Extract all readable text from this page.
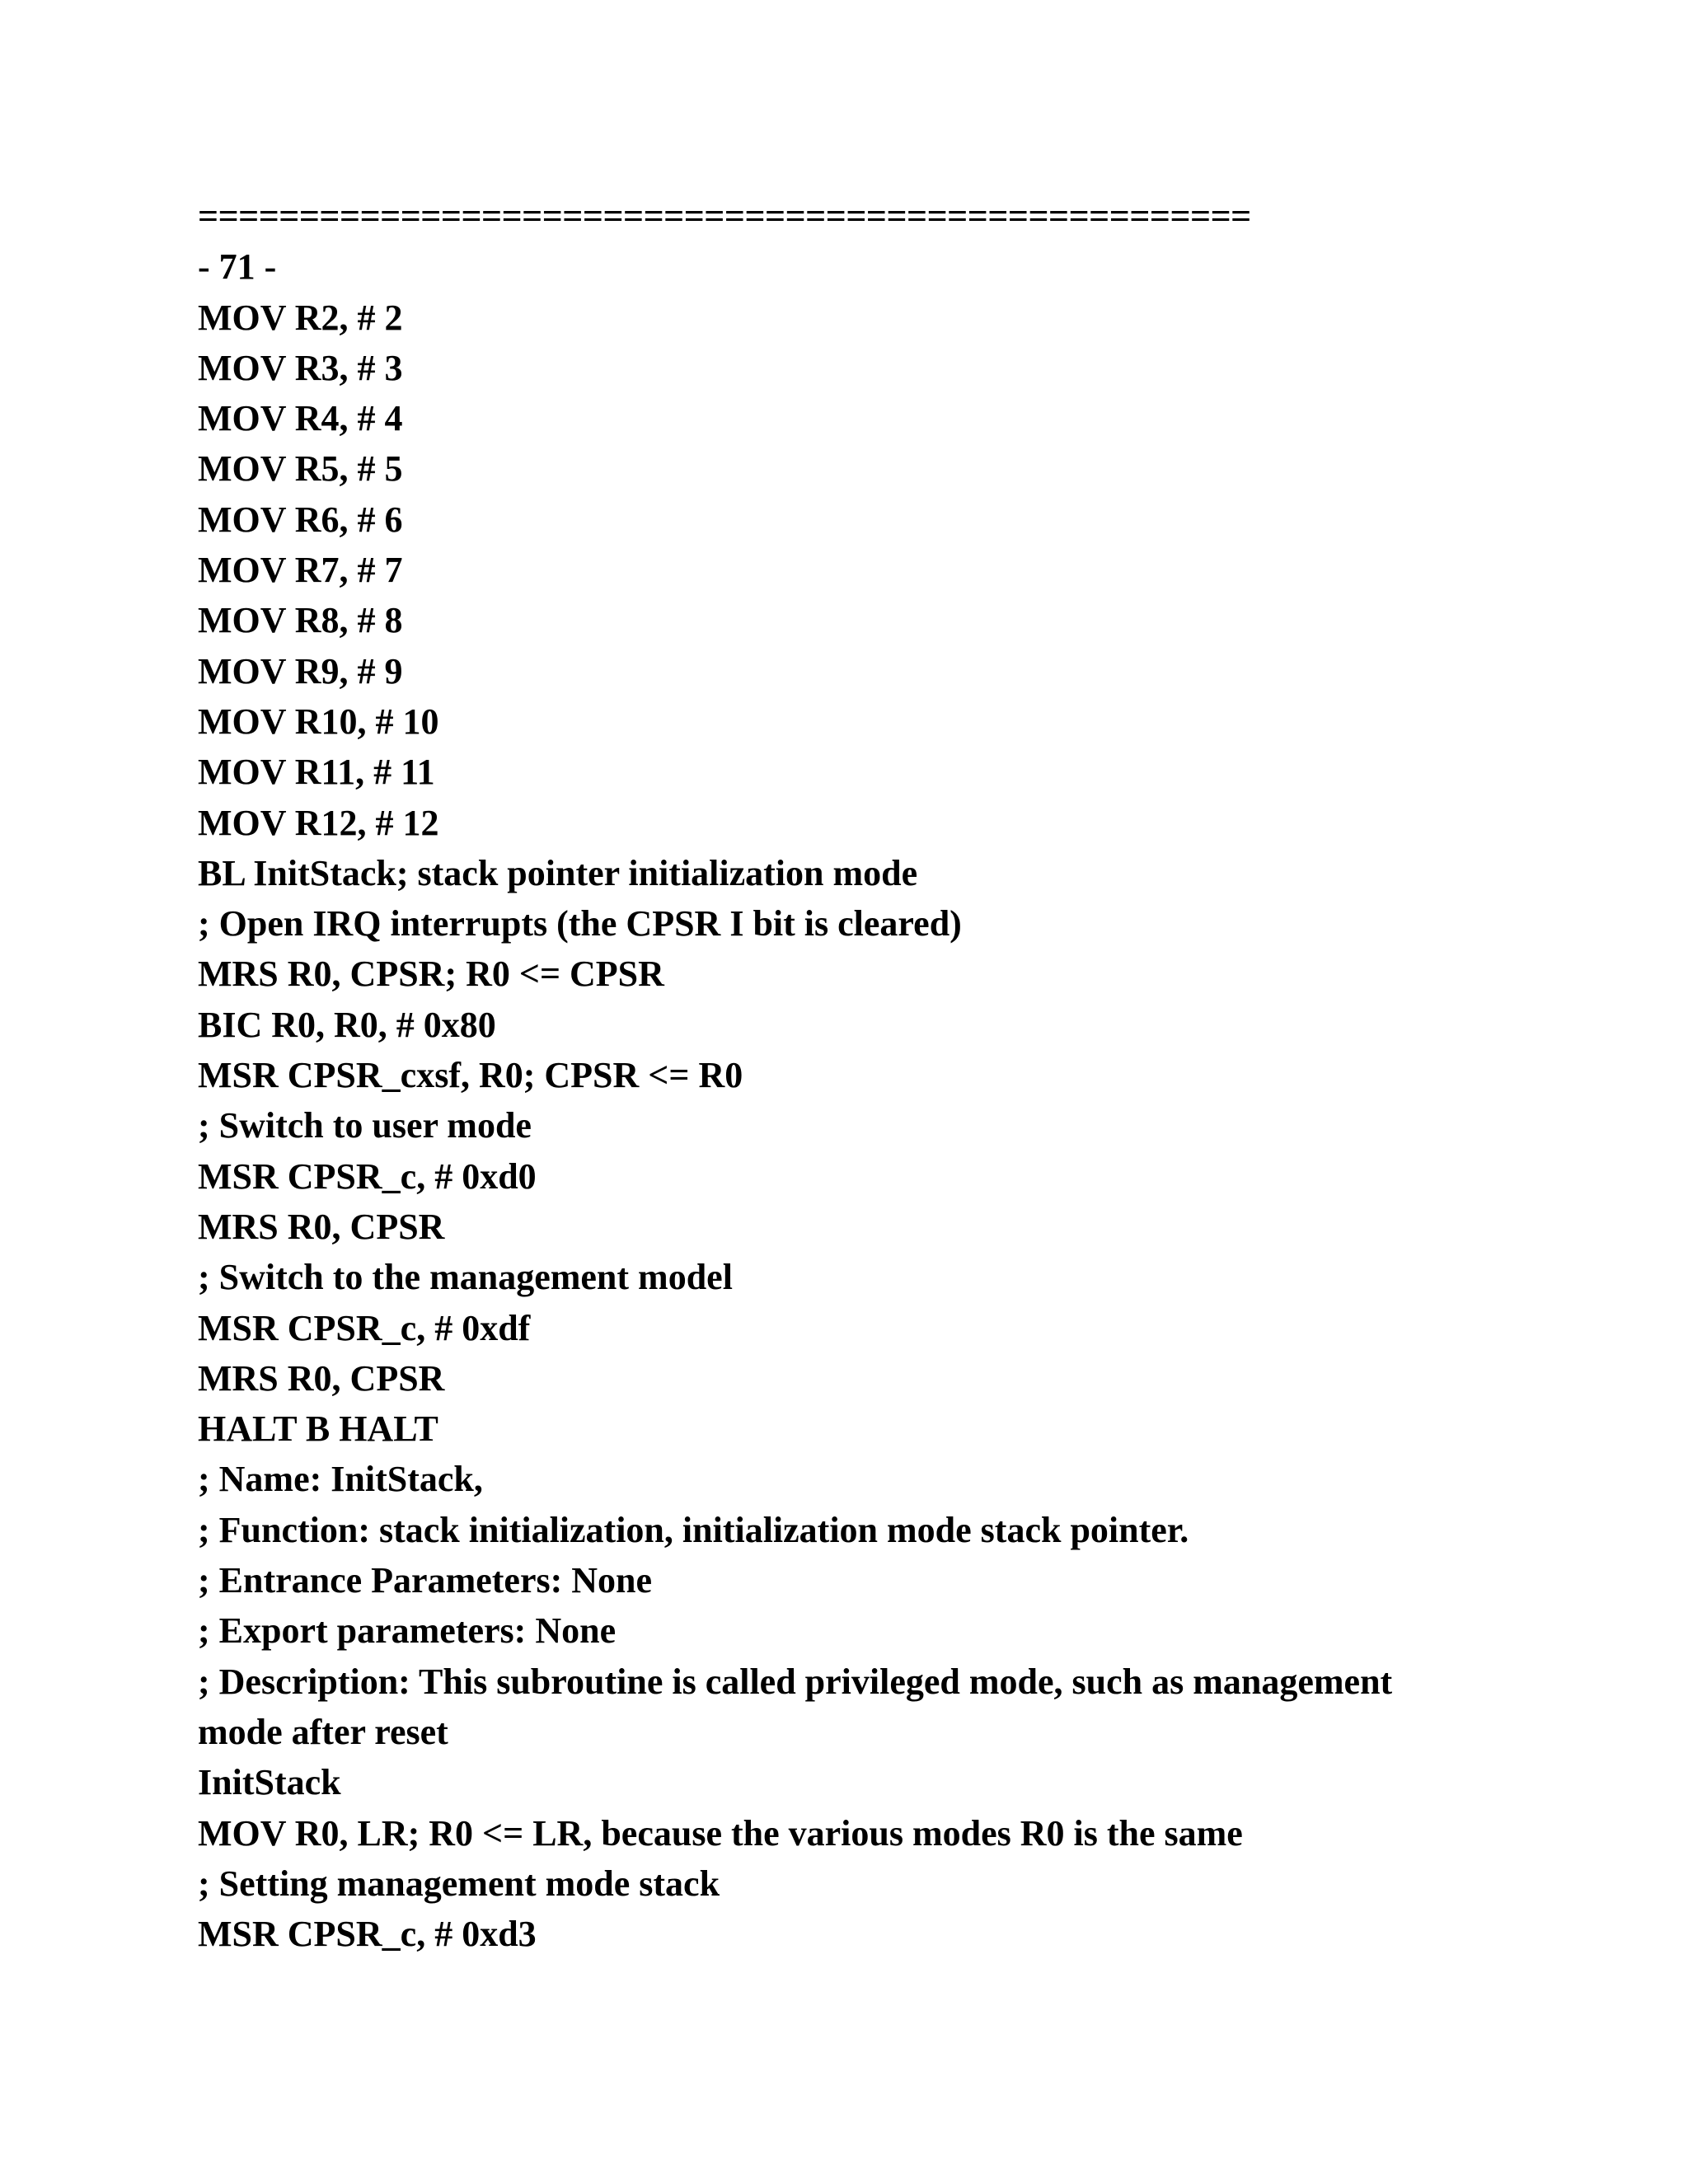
====================================================
- 71 -
MOV R2, # 2
MOV R3, # 3
MOV R4, # 4
MOV R5, # 5
MOV R6, # 6
MOV R7, # 7
MOV R8, # 8
MOV R9, # 9
MOV R10, # 10
MOV R11, # 11
MOV R12, # 12
BL InitStack; stack pointer initialization mode
; Open IRQ interrupts (the CPSR I bit is cleared)
MRS R0, CPSR; R0 <= CPSR
BIC R0, R0, # 0x80
MSR CPSR_cxsf, R0; CPSR <= R0
; Switch to user mode
MSR CPSR_c, # 0xd0
MRS R0, CPSR
; Switch to the management model
MSR CPSR_c, # 0xdf
MRS R0, CPSR
HALT B HALT
; Name: InitStack,
; Function: stack initialization, initialization mode stack pointer.
; Entrance Parameters: None
; Export parameters: None
; Description: This subroutine is called privileged mode, such as management
mode after reset
InitStack
MOV R0, LR; R0 <= LR, because the various modes R0 is the same
; Setting management mode stack
MSR CPSR_c, # 0xd3
